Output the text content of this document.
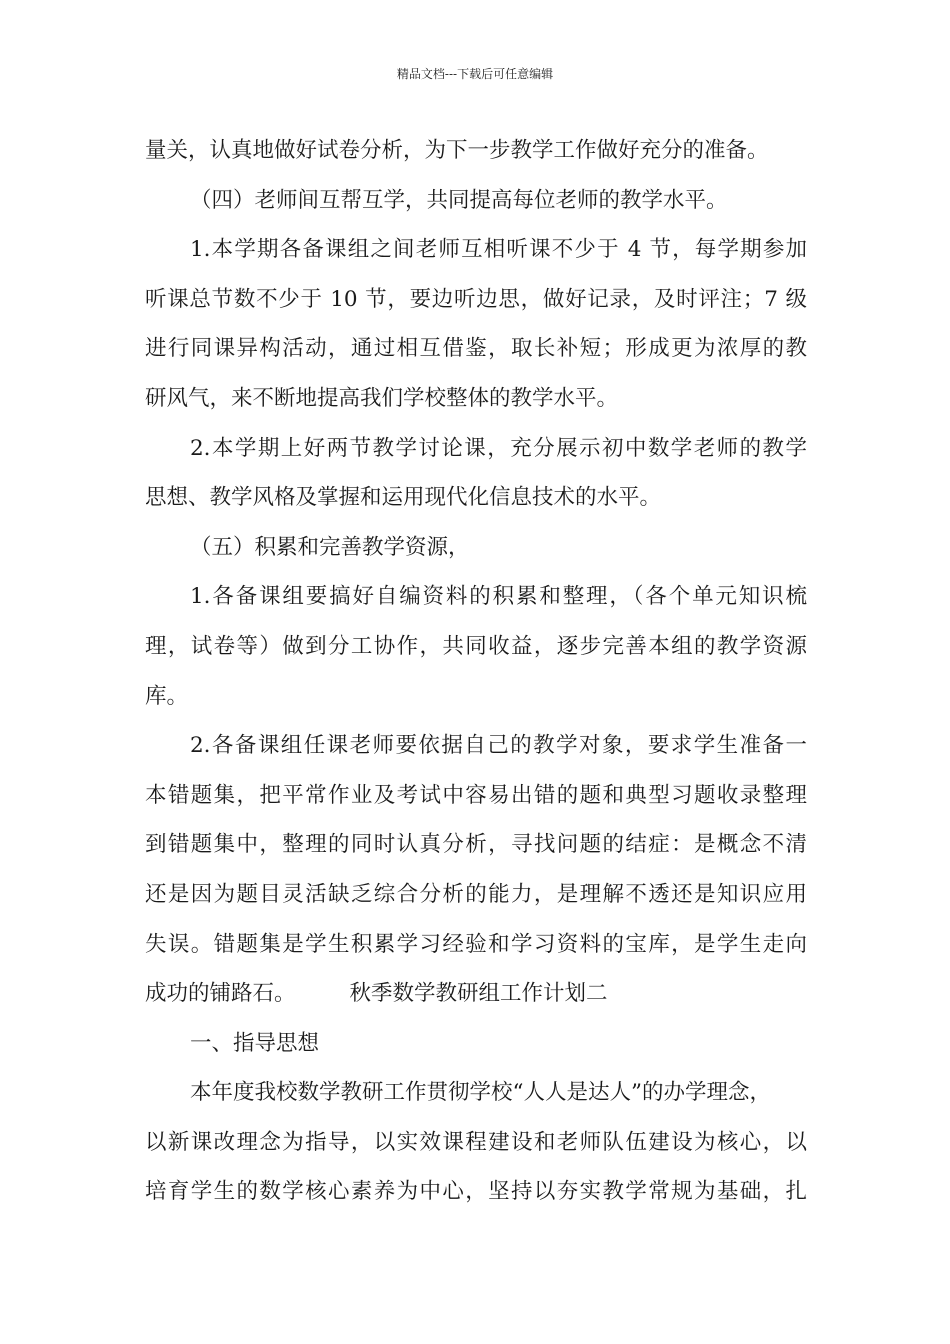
精品文档---下载后可任意编辑
量关，认真地做好试卷分析，为下一步教学工作做好充分的准备。
（四）老师间互帮互学，共同提高每位老师的教学水平。
1.本学期各备课组之间老师互相听课不少于 4 节，每学期参加
听课总节数不少于 10 节，要边听边思，做好记录，及时评注；7 级
进行同课异构活动，通过相互借鉴，取长补短；形成更为浓厚的教
研风气，来不断地提高我们学校整体的教学水平。
2.本学期上好两节教学讨论课，充分展示初中数学老师的教学
思想、教学风格及掌握和运用现代化信息技术的水平。
（五）积累和完善教学资源，
1.各备课组要搞好自编资料的积累和整理，（各个单元知识梳
理，试卷等）做到分工协作，共同收益，逐步完善本组的教学资源
库。
2.各备课组任课老师要依据自己的教学对象，要求学生准备一
本错题集，把平常作业及考试中容易出错的题和典型习题收录整理
到错题集中，整理的同时认真分析，寻找问题的结症：是概念不清
还是因为题目灵活缺乏综合分析的能力，是理解不透还是知识应用
失误。错题集是学生积累学习经验和学习资料的宝库，是学生走向
成功的铺路石。	秋季数学教研组工作计划二
一、指导思想
本年度我校数学教研工作贯彻学校“人人是达人”的办学理念，
以新课改理念为指导，以实效课程建设和老师队伍建设为核心，以
培育学生的数学核心素养为中心，坚持以夯实教学常规为基础，扎
